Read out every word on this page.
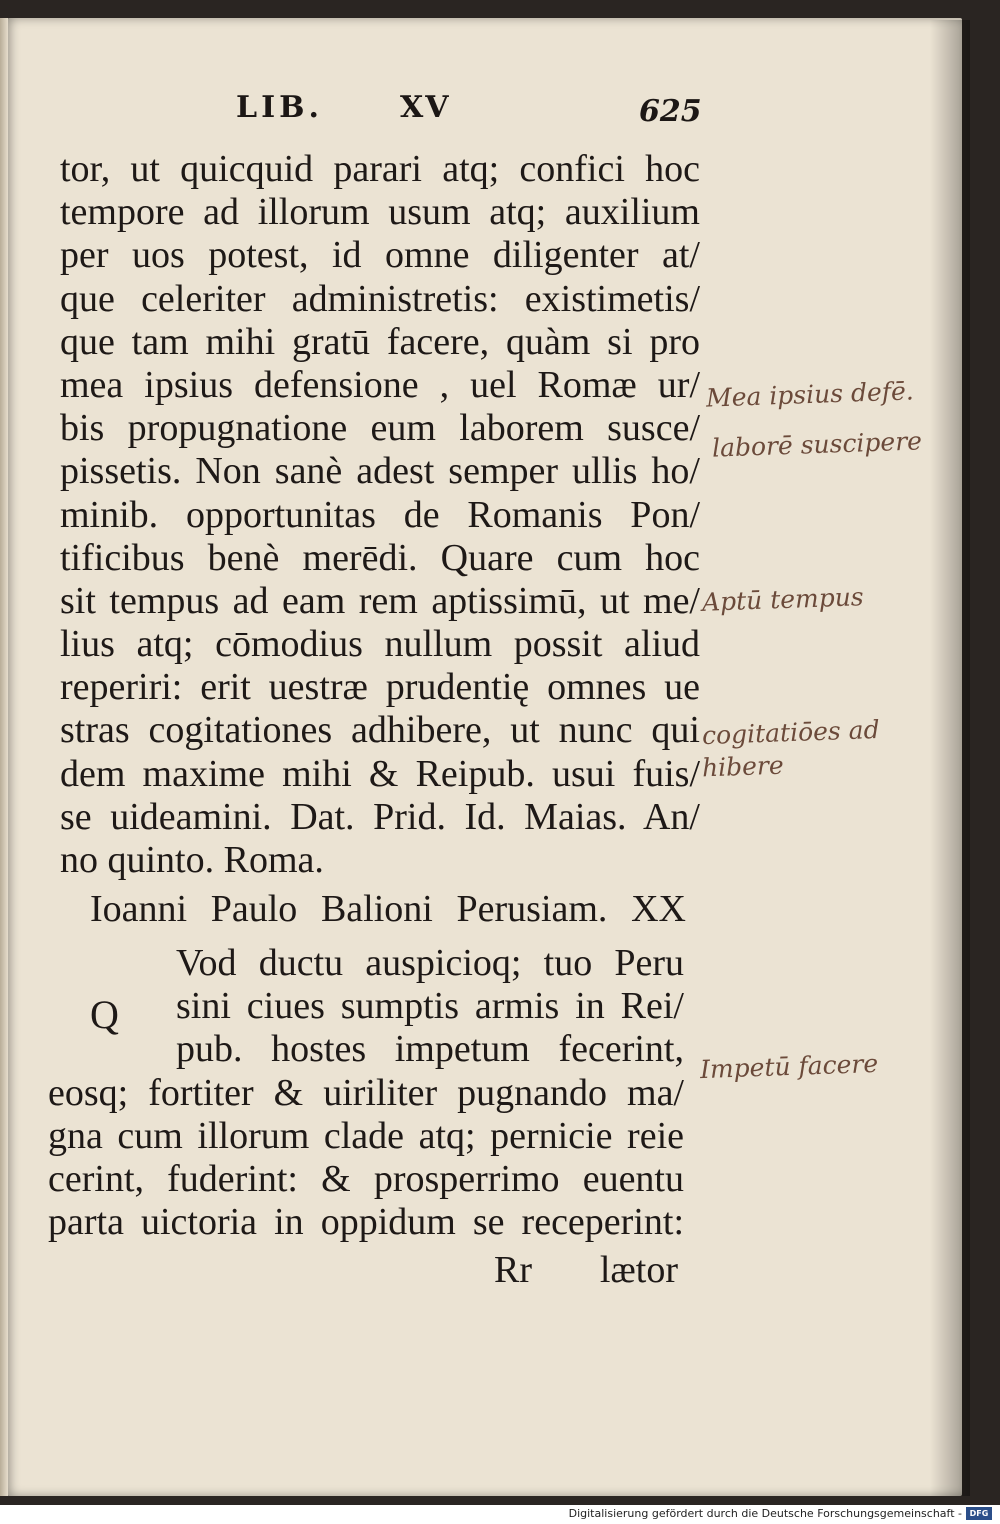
LIB.	XV	625
tor, ut quicquid parari atq; confici hoc
tempore ad illorum usum atq; auxilium
per uos potest, id omne diligenter at/
que celeriter administretis: existimetis/
que tam mihi gratū facere, quàm si pro
mea ipsius defensione , uel Romæ ur/
bis propugnatione eum laborem susce/
pissetis. Non sanè adest semper ullis ho/
minib. opportunitas de Romanis Pon/
tificibus benè merēdi. Quare cum hoc
sit tempus ad eam rem aptissimū, ut me/
lius atq; cōmodius nullum possit aliud
reperiri: erit uestræ prudentię omnes ue
stras cogitationes adhibere, ut nunc qui
dem maxime mihi & Reipub. usui fuis/
se uideamini. Dat. Prid. Id. Maias. An/
no quinto. Roma.
Ioanni Paulo Balioni Perusiam. XX
Q
Vod ductu auspicioq; tuo Peru
sini ciues sumptis armis in Rei/
pub. hostes impetum fecerint,
eosq; fortiter & uiriliter pugnando ma/
gna cum illorum clade atq; pernicie reie
cerint, fuderint: & prosperrimo euentu
parta uictoria in oppidum se receperint:
Rr lætor
Mea ipsius defē.
laborē suscipere
Aptū tempus
cogitatiōes ad
hibere
Impetū facere
Digitalisierung gefördert durch die Deutsche Forschungsgemeinschaft - DFG
